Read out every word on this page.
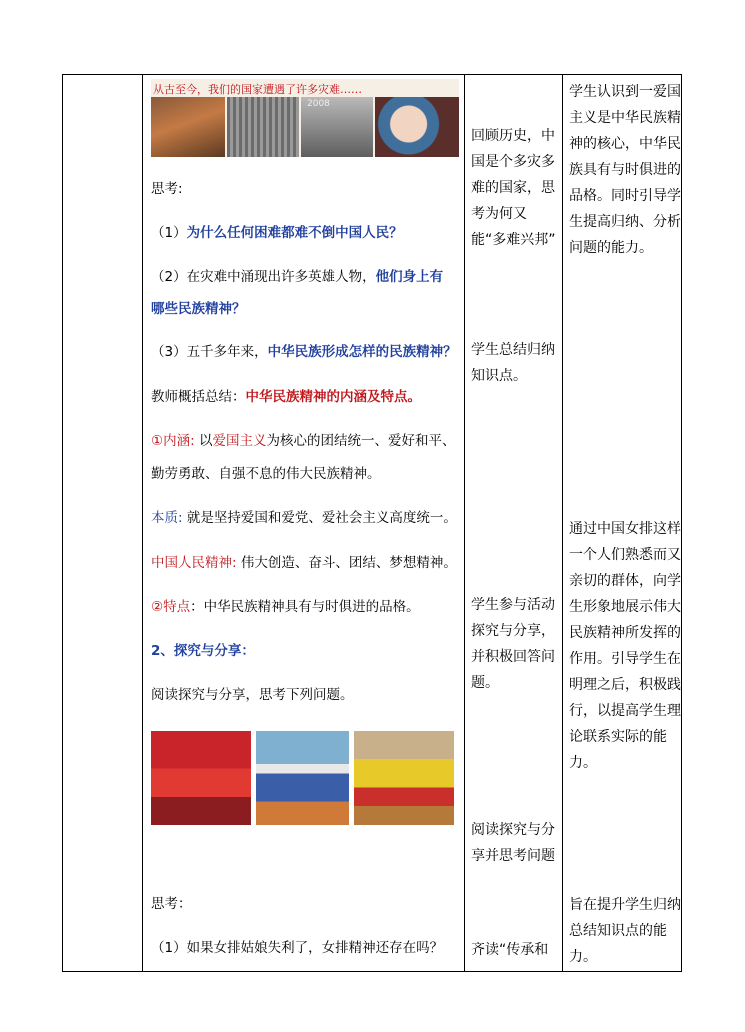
从古至今，我们的国家遭遇了许多灾难……
2008
思考:
（1）为什么任何困难都难不倒中国人民？
（2）在灾难中涌现出许多英雄人物，他们身上有
哪些民族精神？
（3）五千多年来，中华民族形成怎样的民族精神？
教师概括总结：中华民族精神的内涵及特点。
①内涵: 以爱国主义为核心的团结统一、爱好和平、
勤劳勇敢、自强不息的伟大民族精神。
本质: 就是坚持爱国和爱党、爱社会主义高度统一。
中国人民精神: 伟大创造、奋斗、团结、梦想精神。
②特点：中华民族精神具有与时俱进的品格。
2、探究与分享：
阅读探究与分享，思考下列问题。
思考：
（1）如果女排姑娘失利了，女排精神还存在吗？
回顾历史，中国是个多灾多难的国家，思考为何又能“多难兴邦”
学生总结归纳知识点。
学生参与活动探究与分享，并积极回答问题。
阅读探究与分享并思考问题
齐读“传承和
学生认识到一爱国主义是中华民族精神的核心，中华民族具有与时俱进的品格。同时引导学生提高归纳、分析问题的能力。
通过中国女排这样一个人们熟悉而又亲切的群体，向学生形象地展示伟大民族精神所发挥的作用。引导学生在明理之后，积极践行，以提高学生理论联系实际的能力。
旨在提升学生归纳总结知识点的能力。
